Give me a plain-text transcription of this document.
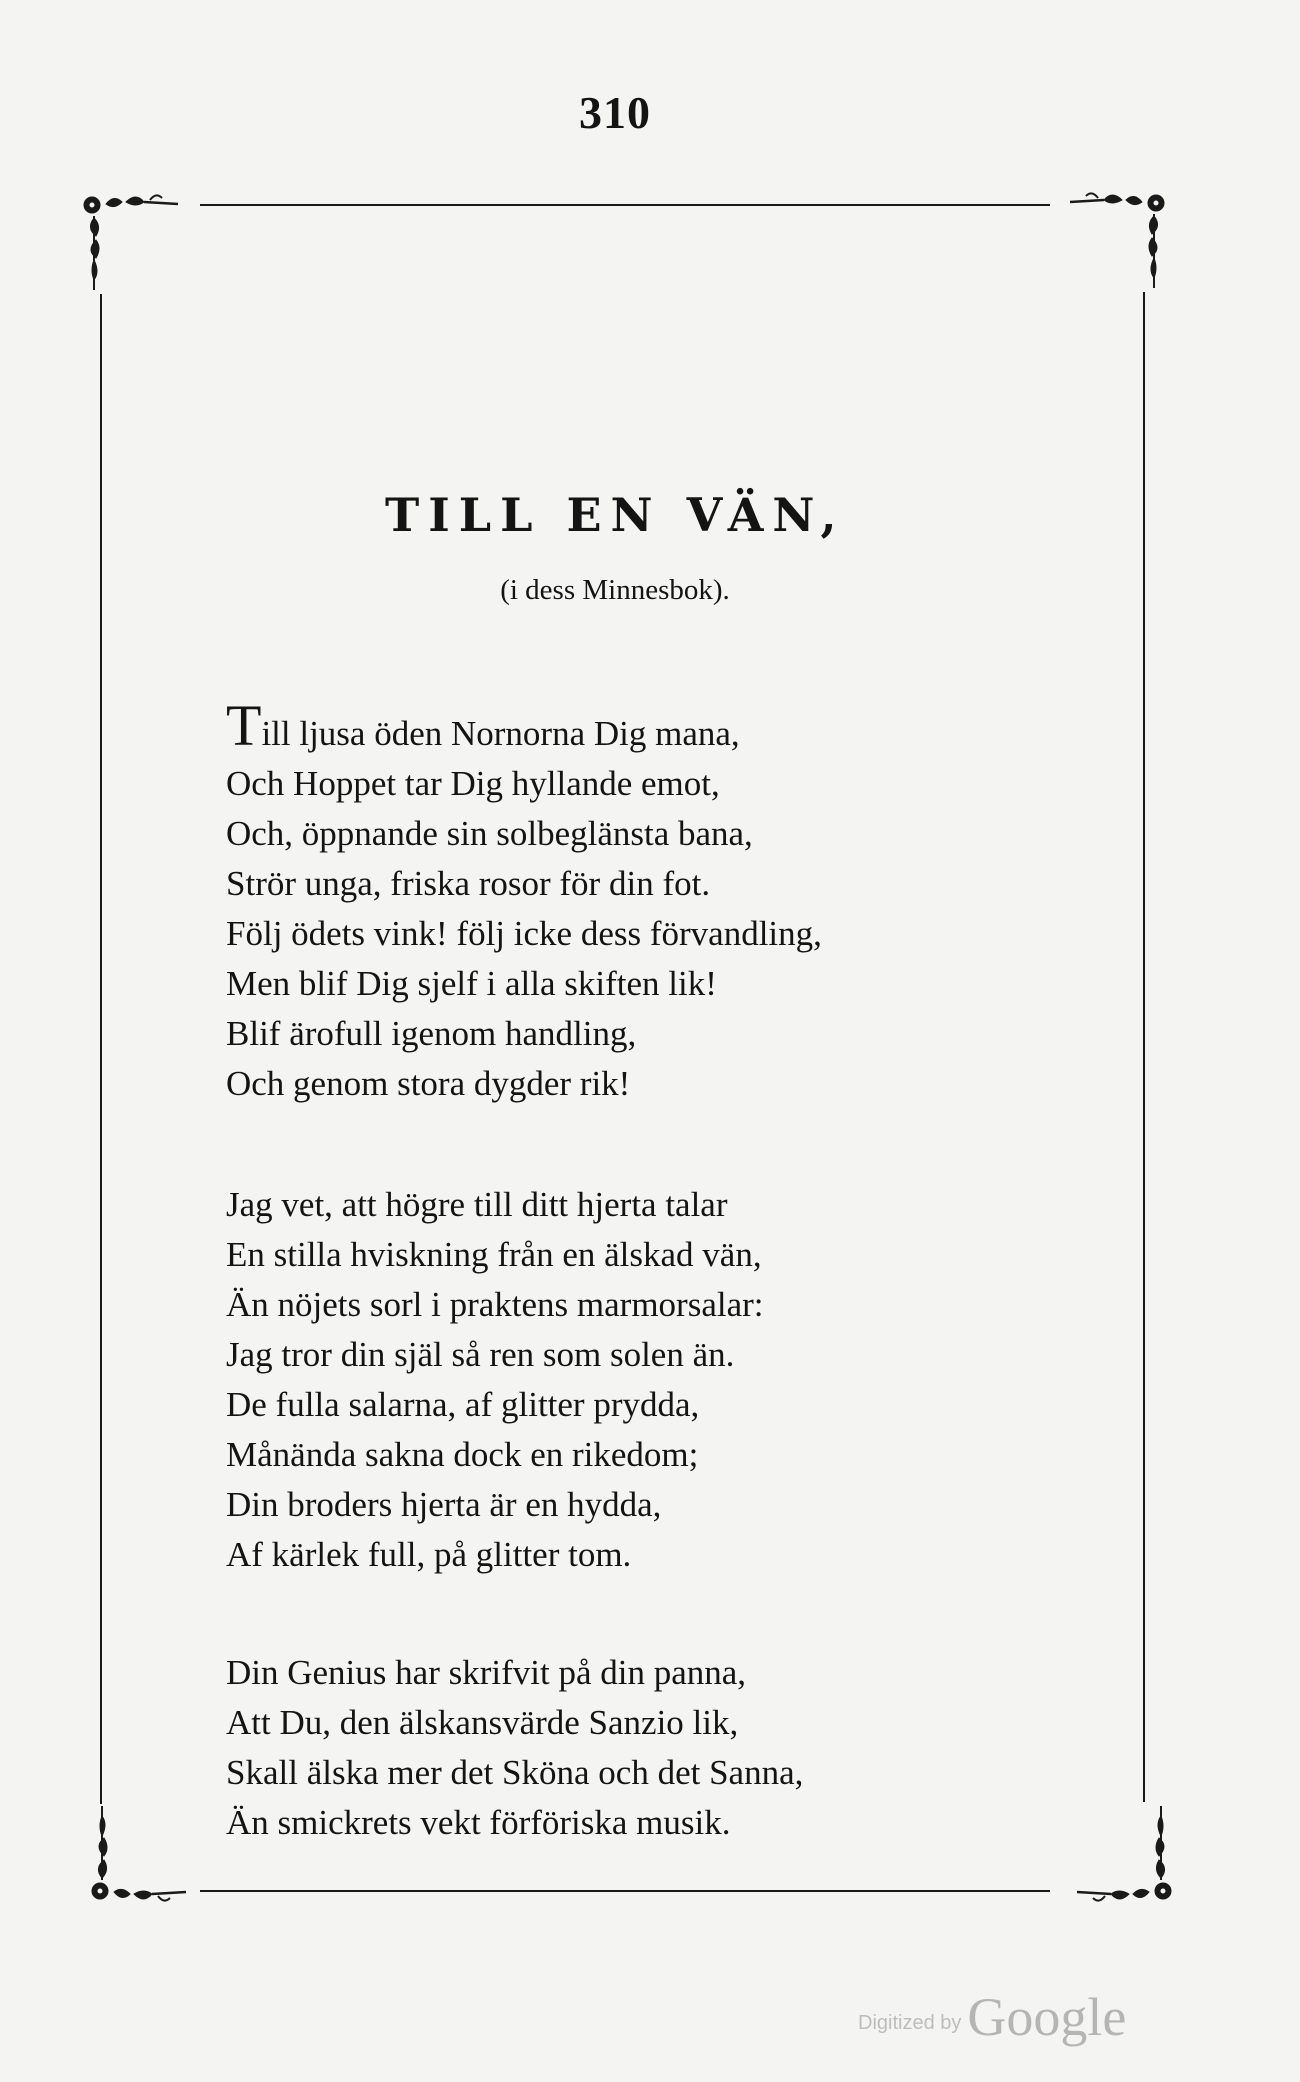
310
TILL EN VÄN,
(i dess Minnesbok).
Till ljusa öden Nornorna Dig mana,
Och Hoppet tar Dig hyllande emot,
Och, öppnande sin solbeglänsta bana,
Strör unga, friska rosor för din fot.
Följ ödets vink! följ icke dess förvandling,
Men blif Dig sjelf i alla skiften lik!
Blif ärofull igenom handling,
Och genom stora dygder rik!
Jag vet, att högre till ditt hjerta talar
En stilla hviskning från en älskad vän,
Än nöjets sorl i praktens marmorsalar:
Jag tror din själ så ren som solen än.
De fulla salarna, af glitter prydda,
Månända sakna dock en rikedom;
Din broders hjerta är en hydda,
Af kärlek full, på glitter tom.
Din Genius har skrifvit på din panna,
Att Du, den älskansvärde Sanzio lik,
Skall älska mer det Sköna och det Sanna,
Än smickrets vekt förföriska musik.
Digitized by Google
